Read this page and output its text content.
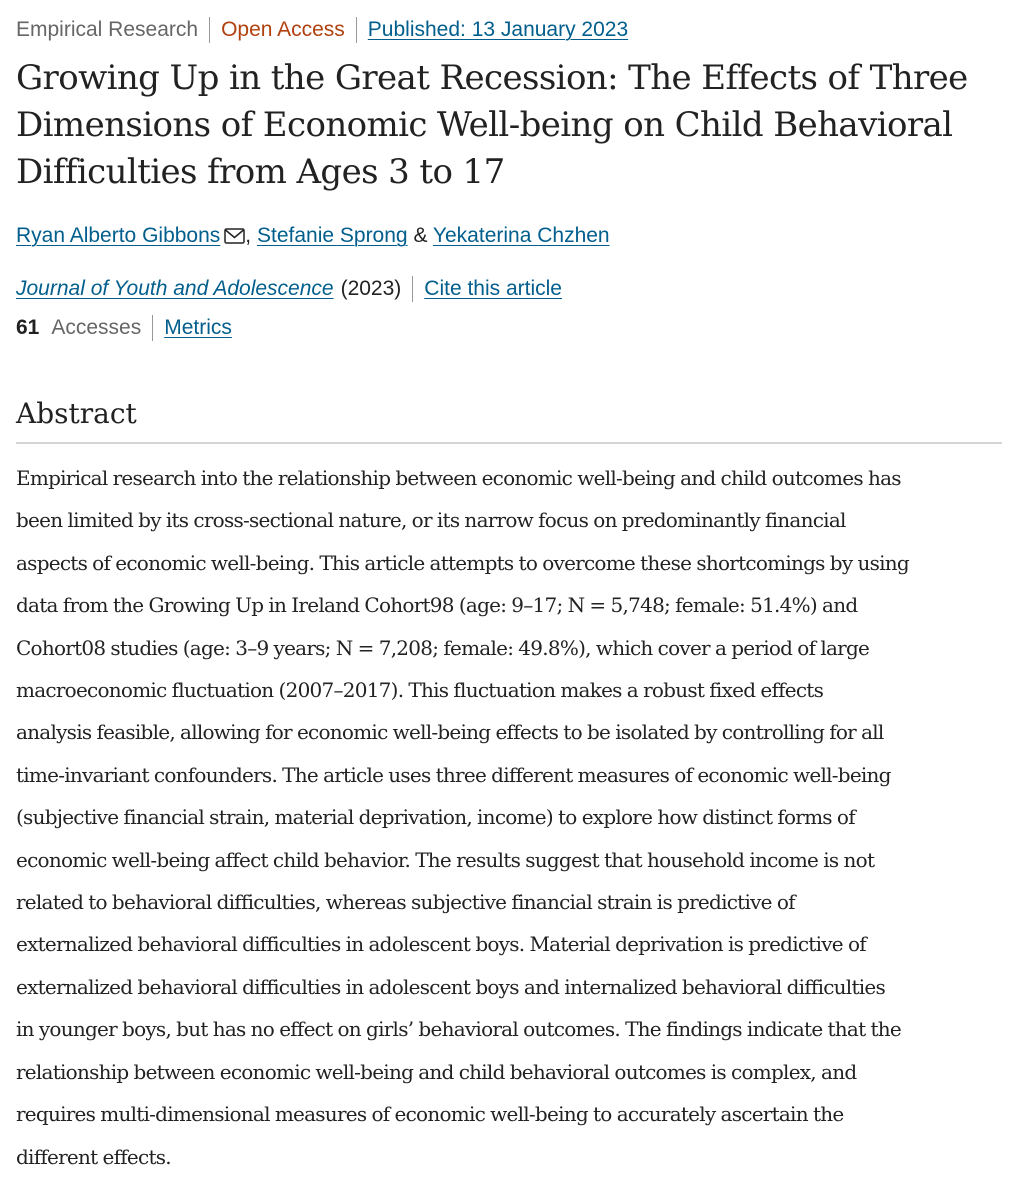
Empirical Research Open Access Published: 13 January 2023
Growing Up in the Great Recession: The Effects of Three Dimensions of Economic Well-being on Child Behavioral Difficulties from Ages 3 to 17
Ryan Alberto Gibbons , Stefanie Sprong & Yekaterina Chzhen
Journal of Youth and Adolescence (2023) Cite this article
61 Accesses Metrics
Abstract

Empirical research into the relationship between economic well-being and child outcomes has
been limited by its cross-sectional nature, or its narrow focus on predominantly financial
aspects of economic well-being. This article attempts to overcome these shortcomings by using
data from the Growing Up in Ireland Cohort98 (age: 9–17; N = 5,748; female: 51.4%) and
Cohort08 studies (age: 3–9 years; N = 7,208; female: 49.8%), which cover a period of large
macroeconomic fluctuation (2007–2017). This fluctuation makes a robust fixed effects
analysis feasible, allowing for economic well-being effects to be isolated by controlling for all
time-invariant confounders. The article uses three different measures of economic well-being
(subjective financial strain, material deprivation, income) to explore how distinct forms of
economic well-being affect child behavior. The results suggest that household income is not
related to behavioral difficulties, whereas subjective financial strain is predictive of
externalized behavioral difficulties in adolescent boys. Material deprivation is predictive of
externalized behavioral difficulties in adolescent boys and internalized behavioral difficulties
in younger boys, but has no effect on girls’ behavioral outcomes. The findings indicate that the
relationship between economic well-being and child behavioral outcomes is complex, and
requires multi-dimensional measures of economic well-being to accurately ascertain the
different effects.
